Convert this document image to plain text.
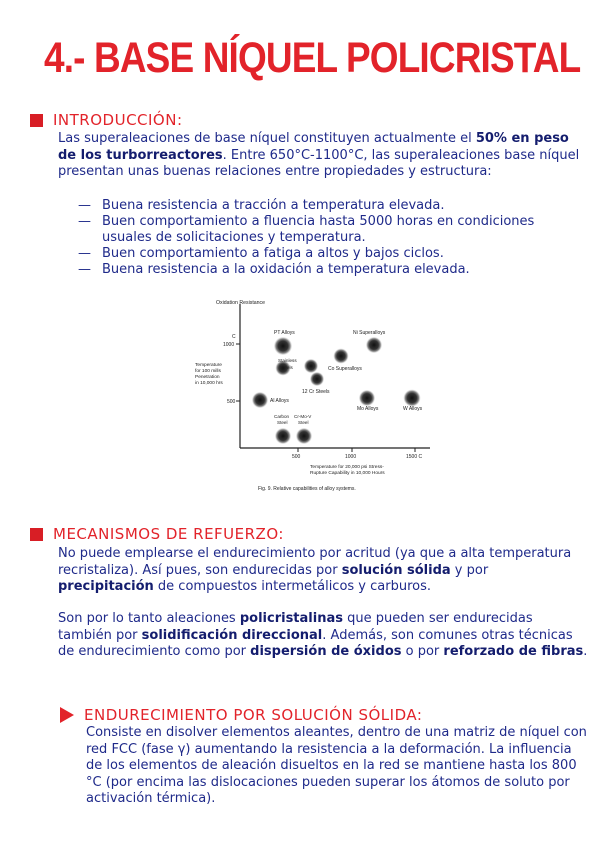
4.- BASE NÍQUEL POLICRISTAL
INTRODUCCIÓN:

Las superaleaciones de base níquel constituyen actualmente el 50% en peso de los turborreactores. Entre 650°C-1100°C, las superaleaciones base níquel presentan unas buenas relaciones entre propiedades y estructura:

— Buena resistencia a tracción a temperatura elevada.
— Buen comportamiento a fluencia hasta 5000 horas en condiciones usuales de solicitaciones y temperatura.
— Buen comportamiento a fatiga a altos y bajos ciclos.
— Buena resistencia a la oxidación a temperatura elevada.
Oxidation Resistance
C
1000
500
Temperature
for 100 mills
Penetration
in 10,000 hrs
500	1000	1500 C
Temperature for 20,000 psi Stress-
Rupture Capability in 10,000 Hours
Fig. 9. Relative capabilities of alloy systems.
PT Alloys	Ni Superalloys
Stainless
Steels	Co Superalloys
12 Cr Steels
Al Alloys
Mo Alloys	W Alloys
Carbon
Steel
Cr-Mo-V
Steel
MECANISMOS DE REFUERZO:

No puede emplearse el endurecimiento por acritud (ya que a alta temperatura recristaliza). Así pues, son endurecidas por solución sólida y por precipitación de compuestos intermetálicos y carburos.

Son por lo tanto aleaciones policristalinas que pueden ser endurecidas también por solidificación direccional. Además, son comunes otras técnicas de endurecimiento como por dispersión de óxidos o por reforzado de fibras.

ENDURECIMIENTO POR SOLUCIÓN SÓLIDA:

Consiste en disolver elementos aleantes, dentro de una matriz de níquel con red FCC (fase γ) aumentando la resistencia a la deformación. La influencia de los elementos de aleación disueltos en la red se mantiene hasta los 800 °C (por encima las dislocaciones pueden superar los átomos de soluto por activación térmica).
